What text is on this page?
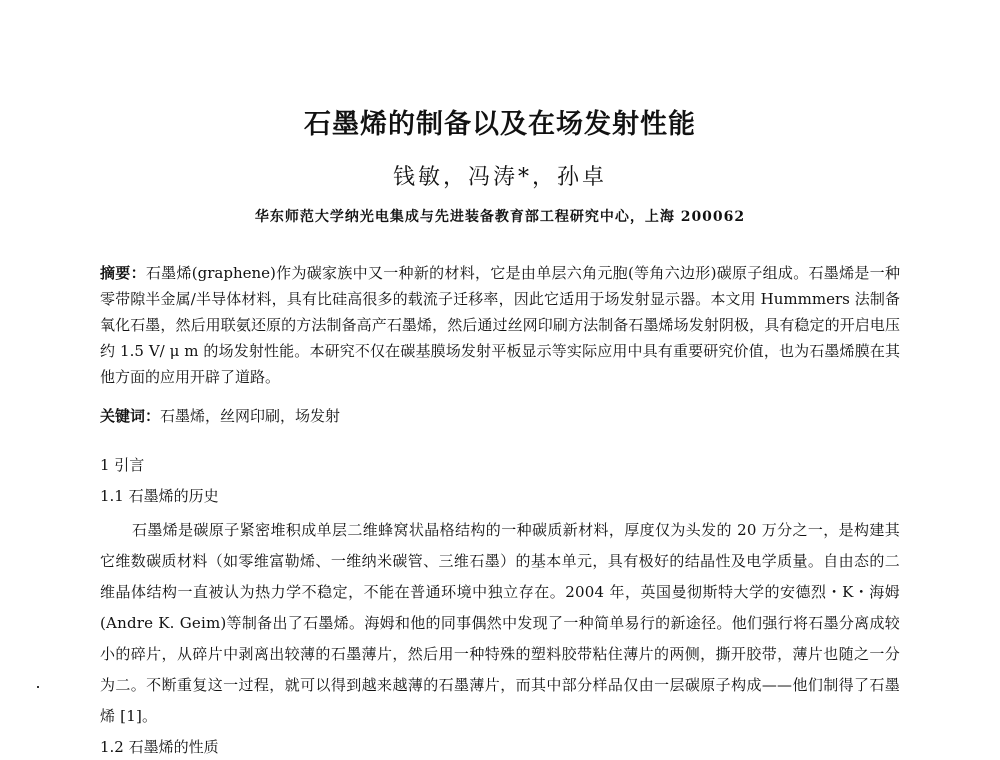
石墨烯的制备以及在场发射性能
钱敏，冯涛*，孙卓
华东师范大学纳光电集成与先进装备教育部工程研究中心，上海 200062
摘要：石墨烯(graphene)作为碳家族中又一种新的材料，它是由单层六角元胞(等角六边形)碳原子组成。石墨烯是一种零带隙半金属/半导体材料，具有比硅高很多的载流子迁移率，因此它适用于场发射显示器。本文用 Hummmers 法制备氧化石墨，然后用联氨还原的方法制备高产石墨烯，然后通过丝网印刷方法制备石墨烯场发射阴极，具有稳定的开启电压约 1.5 V/ μ m 的场发射性能。本研究不仅在碳基膜场发射平板显示等实际应用中具有重要研究价值，也为石墨烯膜在其他方面的应用开辟了道路。
关键词：石墨烯，丝网印刷，场发射
1 引言
1.1 石墨烯的历史
石墨烯是碳原子紧密堆积成单层二维蜂窝状晶格结构的一种碳质新材料，厚度仅为头发的 20 万分之一，是构建其它维数碳质材料（如零维富勒烯、一维纳米碳管、三维石墨）的基本单元，具有极好的结晶性及电学质量。自由态的二维晶体结构一直被认为热力学不稳定，不能在普通环境中独立存在。2004 年，英国曼彻斯特大学的安德烈・K・海姆(Andre K. Geim)等制备出了石墨烯。海姆和他的同事偶然中发现了一种简单易行的新途径。他们强行将石墨分离成较小的碎片，从碎片中剥离出较薄的石墨薄片，然后用一种特殊的塑料胶带粘住薄片的两侧，撕开胶带，薄片也随之一分为二。不断重复这一过程，就可以得到越来越薄的石墨薄片，而其中部分样品仅由一层碳原子构成——他们制得了石墨烯 [1]。
1.2 石墨烯的性质
